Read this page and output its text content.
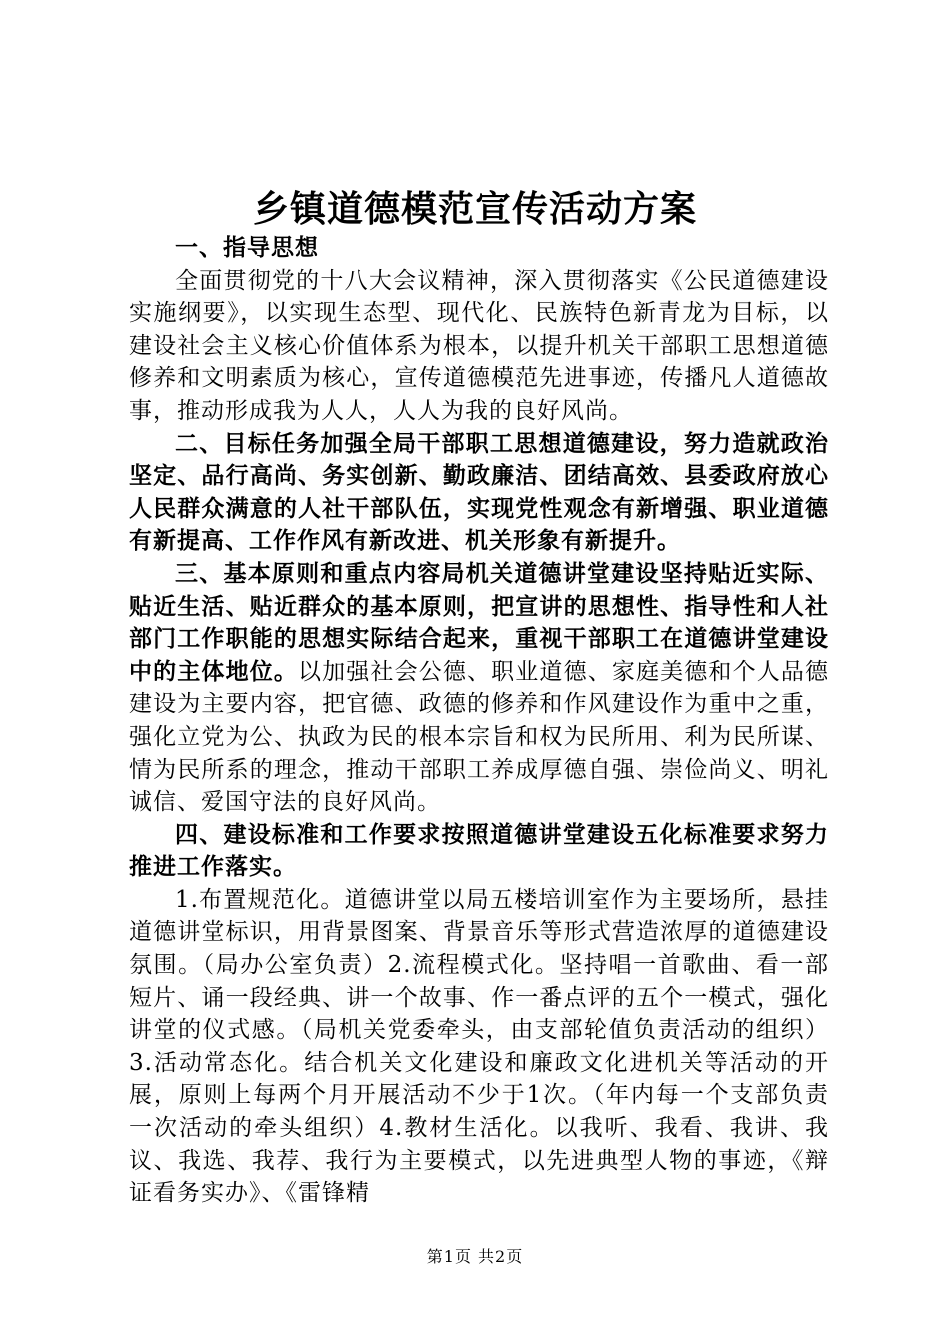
乡镇道德模范宣传活动方案

一、指导思想

全面贯彻党的十八大会议精神，深入贯彻落实《公民道德建设实施纲要》，以实现生态型、现代化、民族特色新青龙为目标，以建设社会主义核心价值体系为根本，以提升机关干部职工思想道德修养和文明素质为核心，宣传道德模范先进事迹，传播凡人道德故事，推动形成我为人人，人人为我的良好风尚。

二、目标任务加强全局干部职工思想道德建设，努力造就政治坚定、品行高尚、务实创新、勤政廉洁、团结高效、县委政府放心人民群众满意的人社干部队伍，实现党性观念有新增强、职业道德有新提高、工作作风有新改进、机关形象有新提升。

三、基本原则和重点内容局机关道德讲堂建设坚持贴近实际、贴近生活、贴近群众的基本原则，把宣讲的思想性、指导性和人社部门工作职能的思想实际结合起来，重视干部职工在道德讲堂建设中的主体地位。以加强社会公德、职业道德、家庭美德和个人品德建设为主要内容，把官德、政德的修养和作风建设作为重中之重，强化立党为公、执政为民的根本宗旨和权为民所用、利为民所谋、情为民所系的理念，推动干部职工养成厚德自强、崇俭尚义、明礼诚信、爱国守法的良好风尚。

四、建设标准和工作要求按照道德讲堂建设五化标准要求努力推进工作落实。

1.布置规范化。道德讲堂以局五楼培训室作为主要场所，悬挂道德讲堂标识，用背景图案、背景音乐等形式营造浓厚的道德建设氛围。（局办公室负责）2.流程模式化。坚持唱一首歌曲、看一部短片、诵一段经典、讲一个故事、作一番点评的五个一模式，强化讲堂的仪式感。（局机关党委牵头，由支部轮值负责活动的组织）3.活动常态化。结合机关文化建设和廉政文化进机关等活动的开展，原则上每两个月开展活动不少于1次。（年内每一个支部负责一次活动的牵头组织）4.教材生活化。以我听、我看、我讲、我议、我选、我荐、我行为主要模式，以先进典型人物的事迹，《辩证看务实办》、《雷锋精

第1页 共2页
